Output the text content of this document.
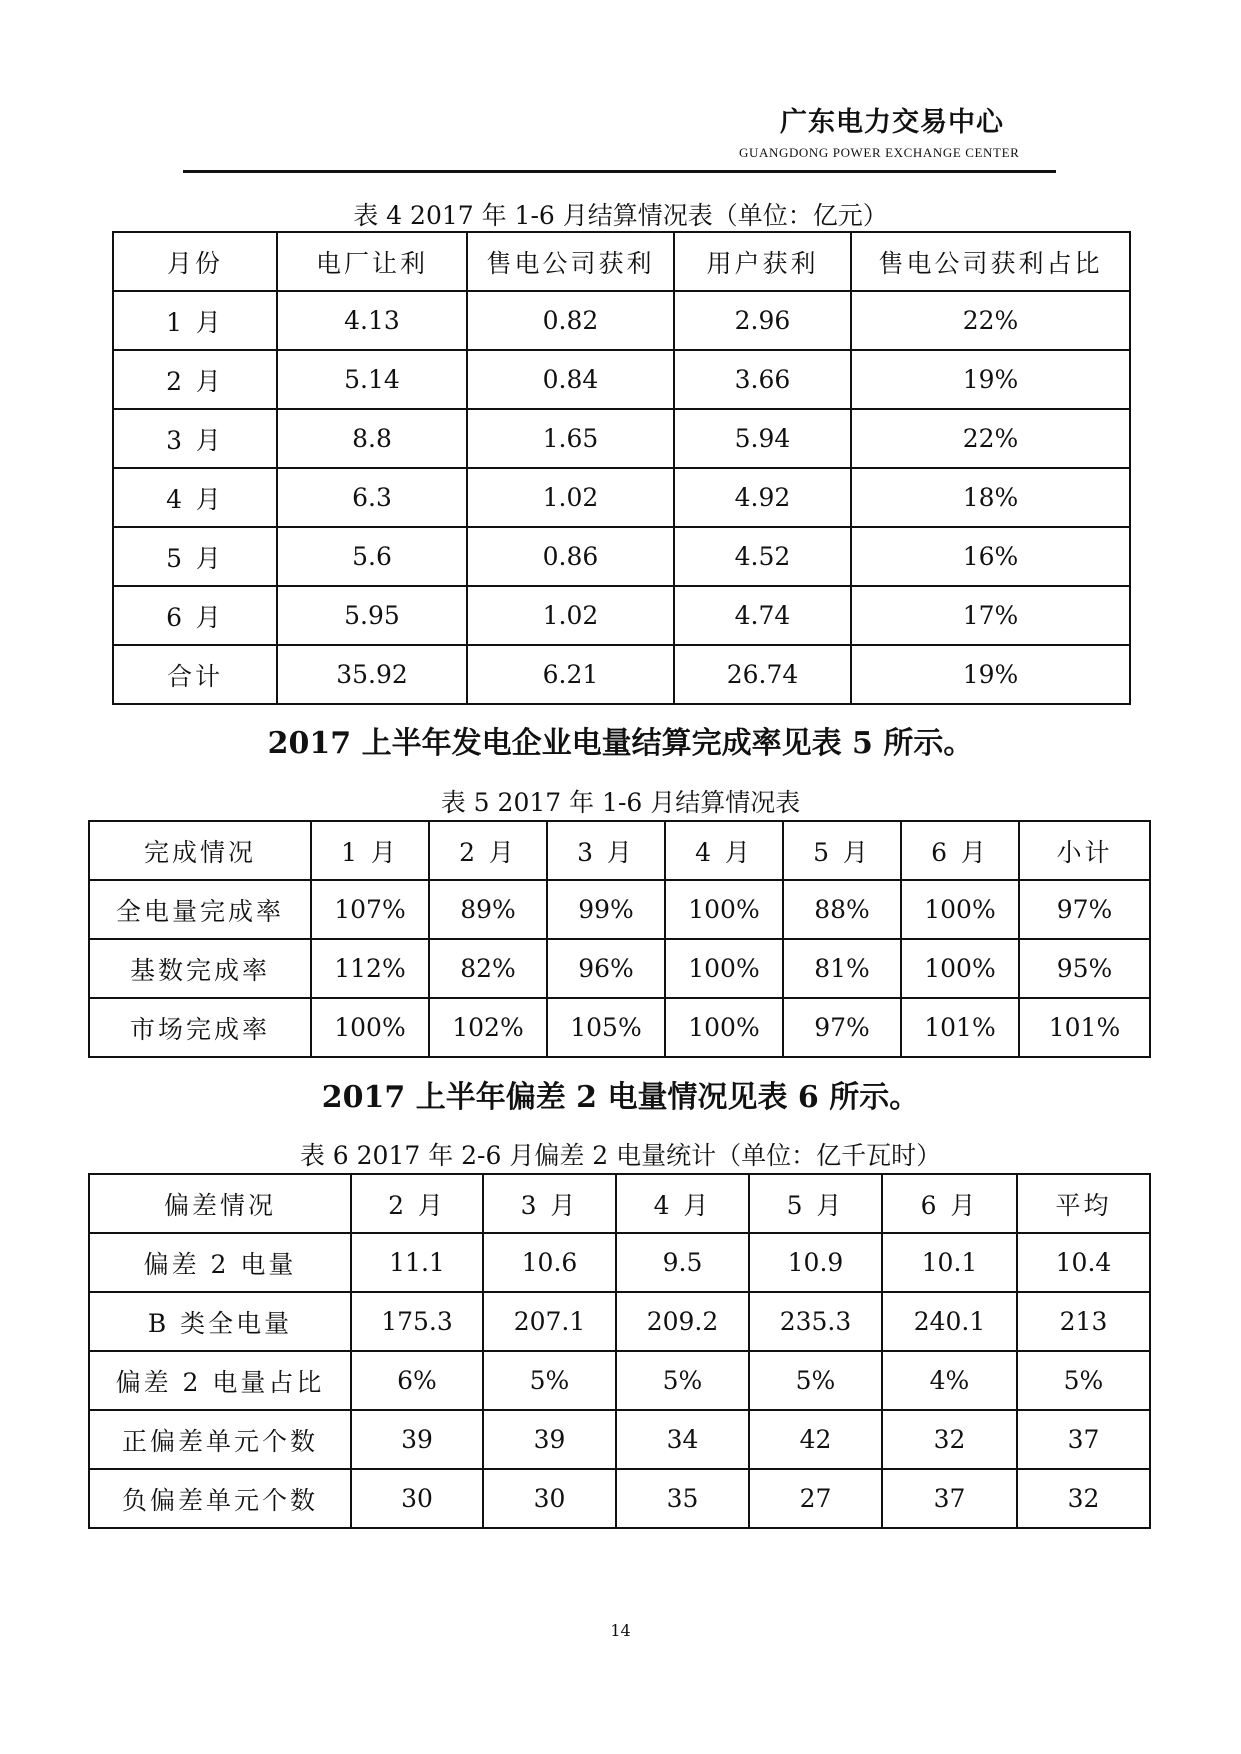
广东电力交易中心
GUANGDONG POWER EXCHANGE CENTER
表 4 2017 年 1-6 月结算情况表（单位：亿元）
月份	电厂让利	售电公司获利	用户获利	售电公司获利占比
1 月	4.13	0.82	2.96	22%
2 月	5.14	0.84	3.66	19%
3 月	8.8	1.65	5.94	22%
4 月	6.3	1.02	4.92	18%
5 月	5.6	0.86	4.52	16%
6 月	5.95	1.02	4.74	17%
合计	35.92	6.21	26.74	19%
2017 上半年发电企业电量结算完成率见表 5 所示。
表 5 2017 年 1-6 月结算情况表
完成情况	1 月	2 月	3 月	4 月	5 月	6 月	小计
全电量完成率	107%	89%	99%	100%	88%	100%	97%
基数完成率	112%	82%	96%	100%	81%	100%	95%
市场完成率	100%	102%	105%	100%	97%	101%	101%
2017 上半年偏差 2 电量情况见表 6 所示。
表 6 2017 年 2-6 月偏差 2 电量统计（单位：亿千瓦时）
偏差情况	2 月	3 月	4 月	5 月	6 月	平均
偏差 2 电量	11.1	10.6	9.5	10.9	10.1	10.4
B 类全电量	175.3	207.1	209.2	235.3	240.1	213
偏差 2 电量占比	6%	5%	5%	5%	4%	5%
正偏差单元个数	39	39	34	42	32	37
负偏差单元个数	30	30	35	27	37	32
14
